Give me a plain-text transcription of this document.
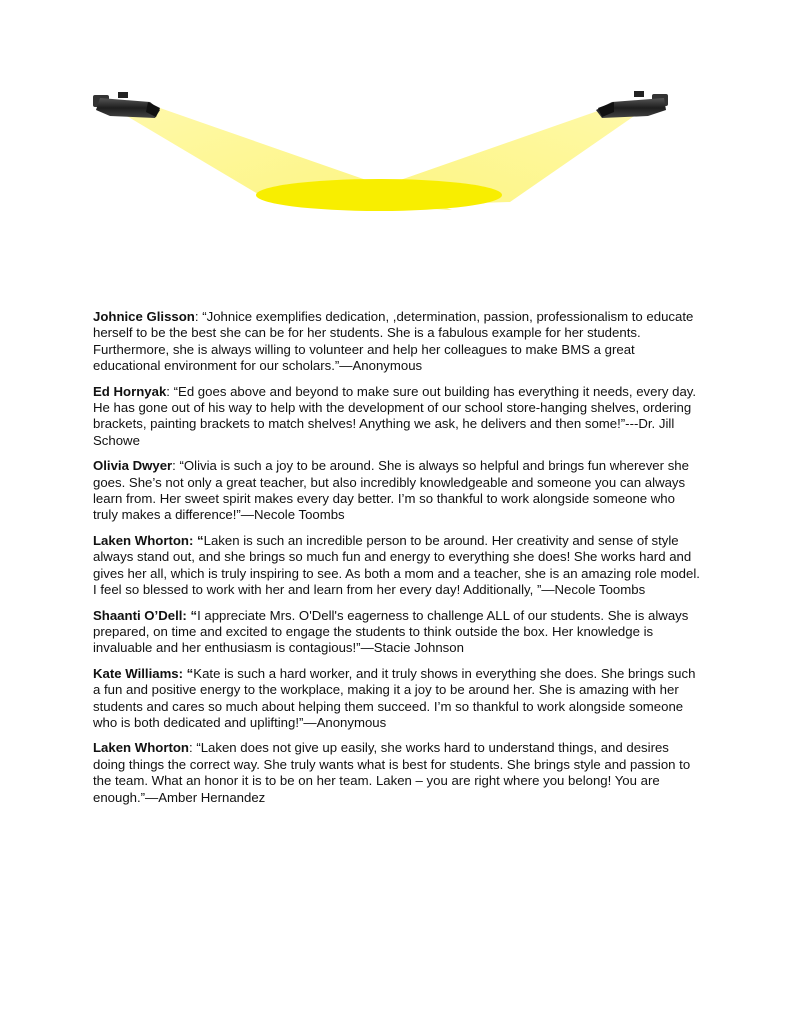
Johnice Glisson: “Johnice exemplifies dedication, ,determination, passion, professionalism to educate herself to be the best she can be for her students. She is a fabulous example for her students. Furthermore, she is always willing to volunteer and help her colleagues to make BMS a great educational environment for our scholars.”—Anonymous

Ed Hornyak: “Ed goes above and beyond to make sure out building has everything it needs, every day. He has gone out of his way to help with the development of our school store-hanging shelves, ordering brackets, painting brackets to match shelves! Anything we ask, he delivers and then some!”---Dr. Jill Schowe

Olivia Dwyer: “Olivia is such a joy to be around. She is always so helpful and brings fun wherever she goes. She’s not only a great teacher, but also incredibly knowledgeable and someone you can always learn from. Her sweet spirit makes every day better. I’m so thankful to work alongside someone who truly makes a difference!”—Necole Toombs

Laken Whorton: “Laken is such an incredible person to be around. Her creativity and sense of style always stand out, and she brings so much fun and energy to everything she does! She works hard and gives her all, which is truly inspiring to see. As both a mom and a teacher, she is an amazing role model. I feel so blessed to work with her and learn from her every day! Additionally, ”—Necole Toombs

Shaanti O’Dell: “I appreciate Mrs. O'Dell's eagerness to challenge ALL of our students. She is always prepared, on time and excited to engage the students to think outside the box. Her knowledge is invaluable and her enthusiasm is contagious!”—Stacie Johnson

Kate Williams: “Kate is such a hard worker, and it truly shows in everything she does. She brings such a fun and positive energy to the workplace, making it a joy to be around her. She is amazing with her students and cares so much about helping them succeed. I’m so thankful to work alongside someone who is both dedicated and uplifting!”—Anonymous

Laken Whorton: “Laken does not give up easily, she works hard to understand things, and desires doing things the correct way. She truly wants what is best for students. She brings style and passion to the team. What an honor it is to be on her team. Laken – you are right where you belong! You are enough.”—Amber Hernandez
